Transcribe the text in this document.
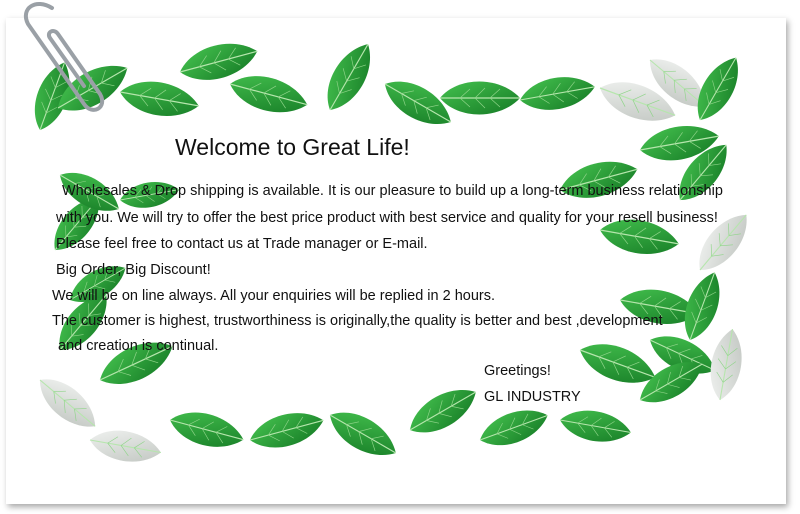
Welcome to Great Life!
Wholesales & Drop shipping is available. It is our pleasure to build up a long-term business relationship
with you. We will try to offer the best price product with best service and quality for your resell business!
Please feel free to contact us at Trade manager or E-mail.
Big Order, Big Discount!
We will be on line always. All your enquiries will be replied in 2 hours.
The customer is highest, trustworthiness is originally,the quality is better and best ,development
and creation is continual.
Greetings!
GL INDUSTRY
